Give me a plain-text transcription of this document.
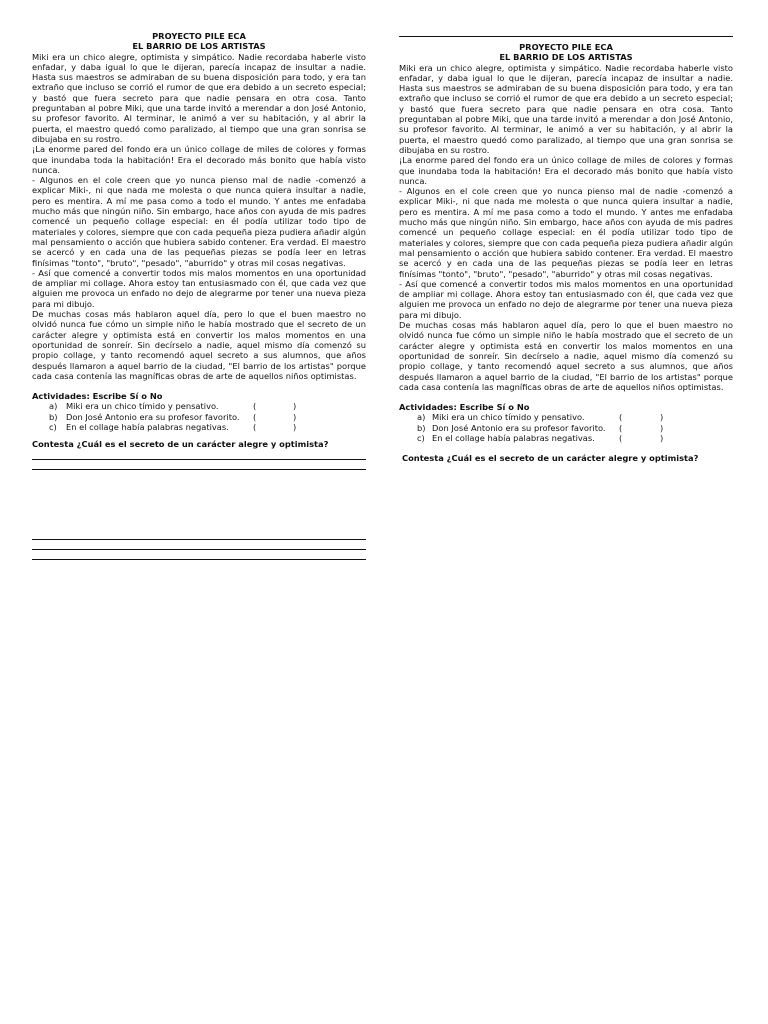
PROYECTO PILE ECA
EL BARRIO DE LOS ARTISTAS

Miki era un chico alegre, optimista y simpático. Nadie recordaba haberle visto enfadar, y daba igual lo que le dijeran, parecía incapaz de insultar a nadie. Hasta sus maestros se admiraban de su buena disposición para todo, y era tan extraño que incluso se corrió el rumor de que era debido a un secreto especial; y bastó que fuera secreto para que nadie pensara en otra cosa. Tanto preguntaban al pobre Miki, que una tarde invitó a merendar a don José Antonio, su profesor favorito. Al terminar, le animó a ver su habitación, y al abrir la puerta, el maestro quedó como paralizado, al tiempo que una gran sonrisa se dibujaba en su rostro.

¡La enorme pared del fondo era un único collage de miles de colores y formas que inundaba toda la habitación! Era el decorado más bonito que había visto nunca.

- Algunos en el cole creen que yo nunca pienso mal de nadie -comenzó a explicar Miki-, ni que nada me molesta o que nunca quiera insultar a nadie, pero es mentira. A mí me pasa como a todo el mundo. Y antes me enfadaba mucho más que ningún niño. Sin embargo, hace años con ayuda de mis padres comencé un pequeño collage especial: en él podía utilizar todo tipo de materiales y colores, siempre que con cada pequeña pieza pudiera añadir algún mal pensamiento o acción que hubiera sabido contener. Era verdad. El maestro se acercó y en cada una de las pequeñas piezas se podía leer en letras finísimas "tonto", "bruto", "pesado", "aburrido" y otras mil cosas negativas.

- Así que comencé a convertir todos mis malos momentos en una oportunidad de ampliar mi collage. Ahora estoy tan entusiasmado con él, que cada vez que alguien me provoca un enfado no dejo de alegrarme por tener una nueva pieza para mi dibujo.

De muchas cosas más hablaron aquel día, pero lo que el buen maestro no olvidó nunca fue cómo un simple niño le había mostrado que el secreto de un carácter alegre y optimista está en convertir los malos momentos en una oportunidad de sonreír. Sin decírselo a nadie, aquel mismo día comenzó su propio collage, y tanto recomendó aquel secreto a sus alumnos, que años después llamaron a aquel barrio de la ciudad, "El barrio de los artistas" porque cada casa contenía las magníficas obras de arte de aquellos niños optimistas.

Actividades: Escribe Sí o No
a) Miki era un chico tímido y pensativo.	(	)
b) Don José Antonio era su profesor favorito. (	)
c) En el collage había palabras negativas.	(	)
Contesta ¿Cuál es el secreto de un carácter alegre y optimista?
PROYECTO PILE ECA
EL BARRIO DE LOS ARTISTAS

Miki era un chico alegre, optimista y simpático. Nadie recordaba haberle visto enfadar, y daba igual lo que le dijeran, parecía incapaz de insultar a nadie. Hasta sus maestros se admiraban de su buena disposición para todo, y era tan extraño que incluso se corrió el rumor de que era debido a un secreto especial; y bastó que fuera secreto para que nadie pensara en otra cosa. Tanto preguntaban al pobre Miki, que una tarde invitó a merendar a don José Antonio, su profesor favorito. Al terminar, le animó a ver su habitación, y al abrir la puerta, el maestro quedó como paralizado, al tiempo que una gran sonrisa se dibujaba en su rostro.

¡La enorme pared del fondo era un único collage de miles de colores y formas que inundaba toda la habitación! Era el decorado más bonito que había visto nunca.

- Algunos en el cole creen que yo nunca pienso mal de nadie -comenzó a explicar Miki-, ni que nada me molesta o que nunca quiera insultar a nadie, pero es mentira. A mí me pasa como a todo el mundo. Y antes me enfadaba mucho más que ningún niño. Sin embargo, hace años con ayuda de mis padres comencé un pequeño collage especial: en él podía utilizar todo tipo de materiales y colores, siempre que con cada pequeña pieza pudiera añadir algún mal pensamiento o acción que hubiera sabido contener. Era verdad. El maestro se acercó y en cada una de las pequeñas piezas se podía leer en letras finísimas "tonto", "bruto", "pesado", "aburrido" y otras mil cosas negativas.

- Así que comencé a convertir todos mis malos momentos en una oportunidad de ampliar mi collage. Ahora estoy tan entusiasmado con él, que cada vez que alguien me provoca un enfado no dejo de alegrarme por tener una nueva pieza para mi dibujo.

De muchas cosas más hablaron aquel día, pero lo que el buen maestro no olvidó nunca fue cómo un simple niño le había mostrado que el secreto de un carácter alegre y optimista está en convertir los malos momentos en una oportunidad de sonreír. Sin decírselo a nadie, aquel mismo día comenzó su propio collage, y tanto recomendó aquel secreto a sus alumnos, que años después llamaron a aquel barrio de la ciudad, "El barrio de los artistas" porque cada casa contenía las magníficas obras de arte de aquellos niños optimistas.

Actividades: Escribe Sí o No
a) Miki era un chico tímido y pensativo.	(	)
b) Don José Antonio era su profesor favorito. (	)
c) En el collage había palabras negativas.	(	)
Contesta ¿Cuál es el secreto de un carácter alegre y optimista?
